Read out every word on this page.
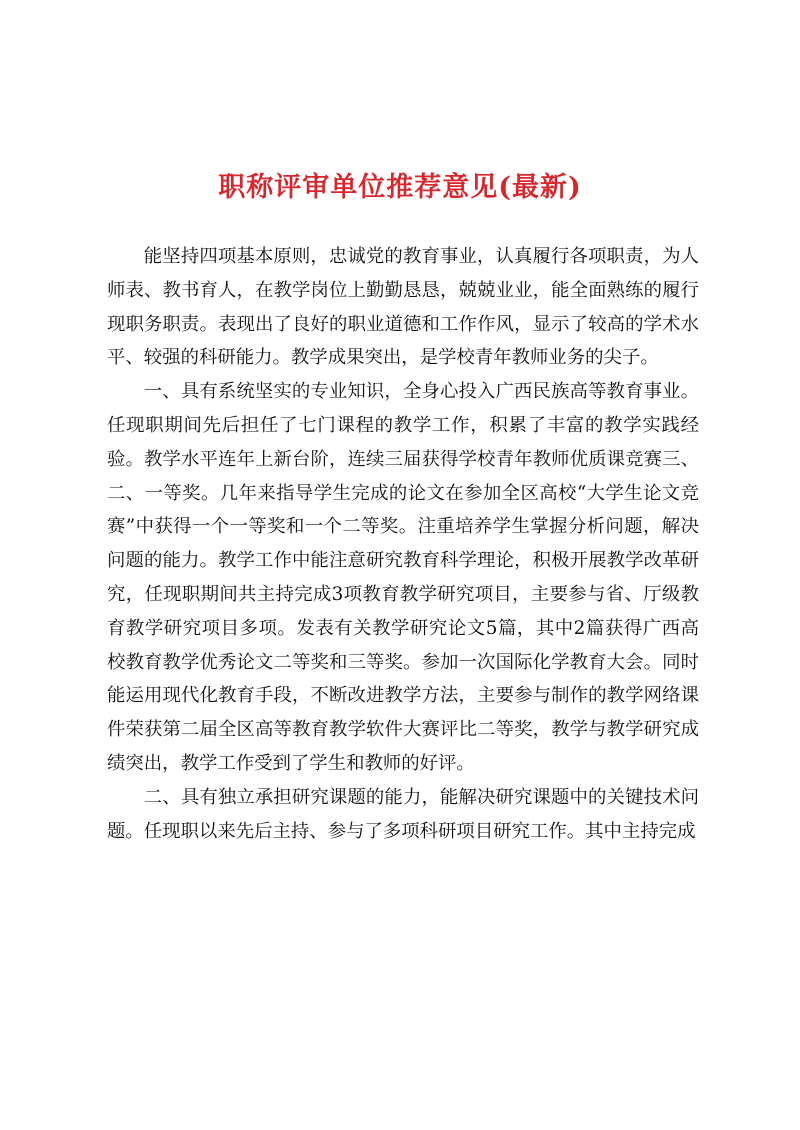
职称评审单位推荐意见(最新)

能坚持四项基本原则，忠诚党的教育事业，认真履行各项职责，为人师表、教书育人，在教学岗位上勤勤恳恳，兢兢业业，能全面熟练的履行现职务职责。表现出了良好的职业道德和工作作风，显示了较高的学术水平、较强的科研能力。教学成果突出，是学校青年教师业务的尖子。

一、具有系统坚实的专业知识，全身心投入广西民族高等教育事业。任现职期间先后担任了七门课程的教学工作，积累了丰富的教学实践经验。教学水平连年上新台阶，连续三届获得学校青年教师优质课竞赛三、二、一等奖。几年来指导学生完成的论文在参加全区高校“大学生论文竞赛”中获得一个一等奖和一个二等奖。注重培养学生掌握分析问题，解决问题的能力。教学工作中能注意研究教育科学理论，积极开展教学改革研究，任现职期间共主持完成3项教育教学研究项目，主要参与省、厅级教育教学研究项目多项。发表有关教学研究论文5篇，其中2篇获得广西高校教育教学优秀论文二等奖和三等奖。参加一次国际化学教育大会。同时能运用现代化教育手段，不断改进教学方法，主要参与制作的教学网络课件荣获第二届全区高等教育教学软件大赛评比二等奖，教学与教学研究成绩突出，教学工作受到了学生和教师的好评。

二、具有独立承担研究课题的能力，能解决研究课题中的关键技术问题。任现职以来先后主持、参与了多项科研项目研究工作。其中主持完成
